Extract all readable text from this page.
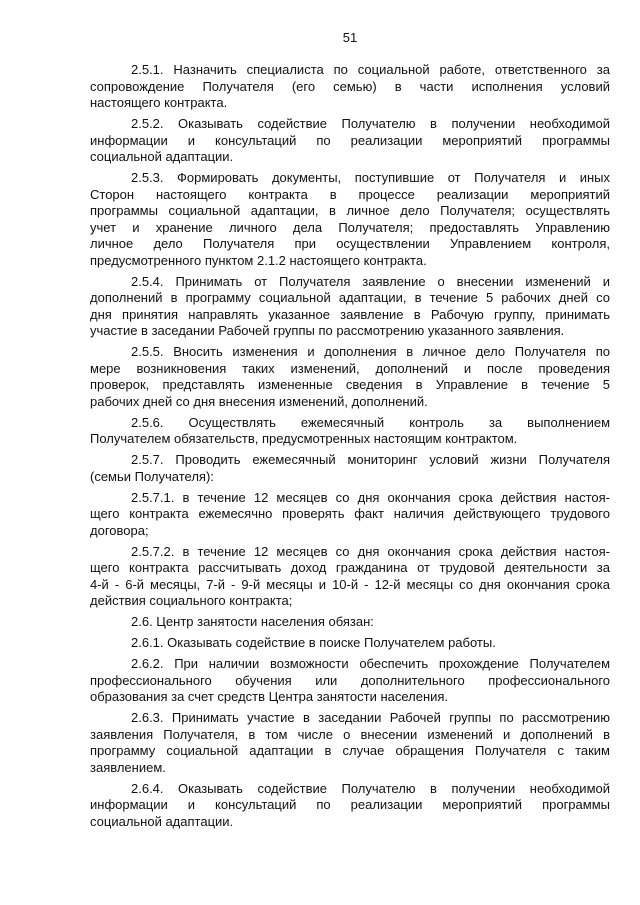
51
2.5.1. Назначить специалиста по социальной работе, ответственного за
сопровождение Получателя (его семью) в части исполнения условий
настоящего контракта.
2.5.2. Оказывать содействие Получателю в получении необходимой
информации и консультаций по реализации мероприятий программы
социальной адаптации.
2.5.3. Формировать документы, поступившие от Получателя и иных
Сторон настоящего контракта в процессе реализации мероприятий
программы социальной адаптации, в личное дело Получателя; осуществлять
учет и хранение личного дела Получателя; предоставлять Управлению
личное дело Получателя при осуществлении Управлением контроля,
предусмотренного пунктом 2.1.2 настоящего контракта.
2.5.4. Принимать от Получателя заявление о внесении изменений и
дополнений в программу социальной адаптации, в течение 5 рабочих дней со
дня принятия направлять указанное заявление в Рабочую группу, принимать
участие в заседании Рабочей группы по рассмотрению указанного заявления.
2.5.5. Вносить изменения и дополнения в личное дело Получателя по
мере возникновения таких изменений, дополнений и после проведения
проверок, представлять измененные сведения в Управление в течение 5
рабочих дней со дня внесения изменений, дополнений.
2.5.6. Осуществлять ежемесячный контроль за выполнением
Получателем обязательств, предусмотренных настоящим контрактом.
2.5.7. Проводить ежемесячный мониторинг условий жизни Получателя
(семьи Получателя):
2.5.7.1. в течение 12 месяцев со дня окончания срока действия настоя-
щего контракта ежемесячно проверять факт наличия действующего трудового
договора;
2.5.7.2. в течение 12 месяцев со дня окончания срока действия настоя-
щего контракта рассчитывать доход гражданина от трудовой деятельности за
4-й - 6-й месяцы, 7-й - 9-й месяцы и 10-й - 12-й месяцы со дня окончания срока
действия социального контракта;
2.6. Центр занятости населения обязан:
2.6.1. Оказывать содействие в поиске Получателем работы.
2.6.2. При наличии возможности обеспечить прохождение Получателем
профессионального обучения или дополнительного профессионального
образования за счет средств Центра занятости населения.
2.6.3. Принимать участие в заседании Рабочей группы по рассмотрению
заявления Получателя, в том числе о внесении изменений и дополнений в
программу социальной адаптации в случае обращения Получателя с таким
заявлением.
2.6.4. Оказывать содействие Получателю в получении необходимой
информации и консультаций по реализации мероприятий программы
социальной адаптации.
